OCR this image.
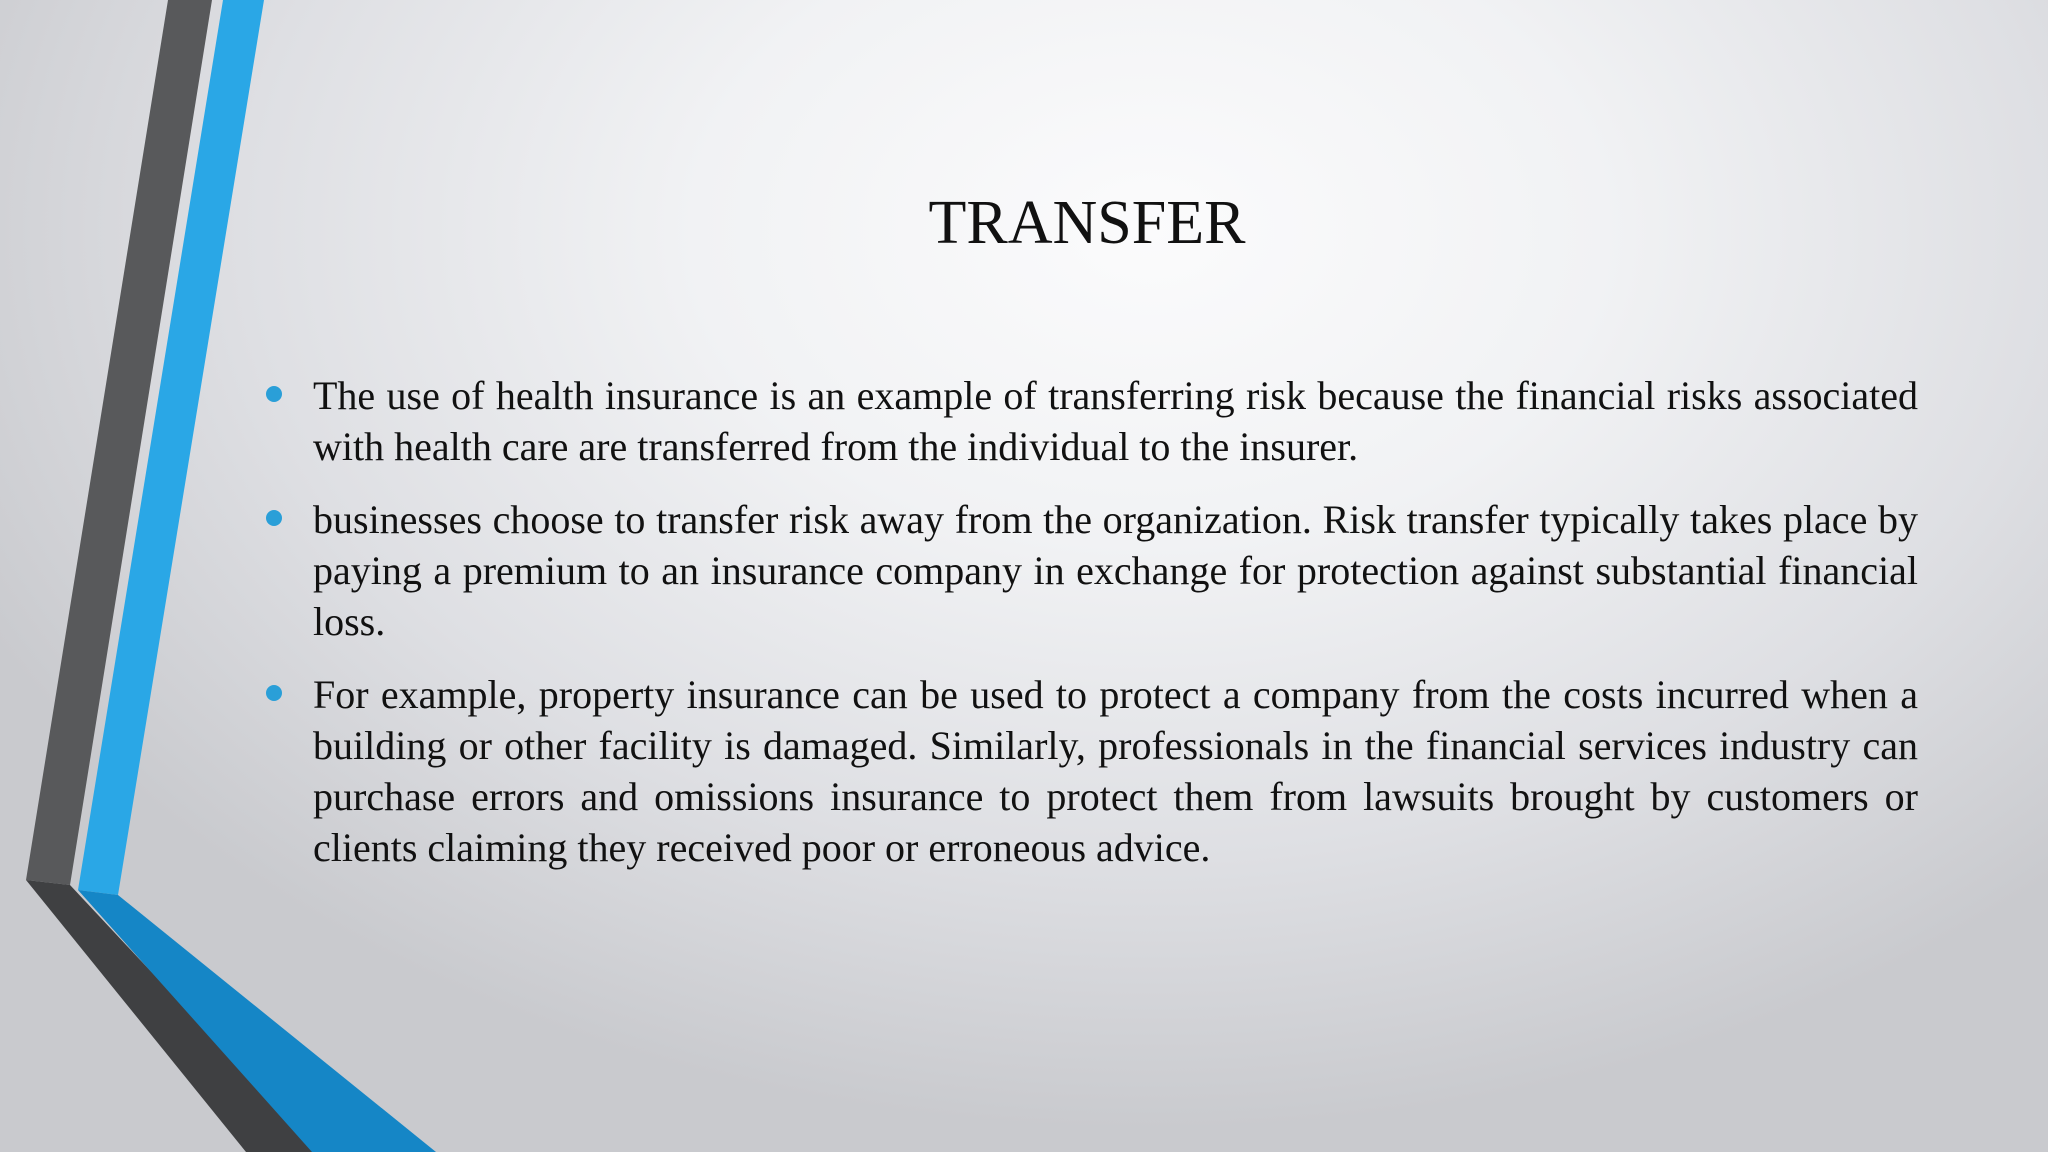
TRANSFER
The use of health insurance is an example of transferring risk because the financial risks associated with health care are transferred from the individual to the insurer.
businesses choose to transfer risk away from the organization. Risk transfer typically takes place by paying a premium to an insurance company in exchange for protection against substantial financial loss.
For example, property insurance can be used to protect a company from the costs incurred when a building or other facility is damaged. Similarly, professionals in the financial services industry can purchase errors and omissions insurance to protect them from lawsuits brought by customers or clients claiming they received poor or erroneous advice.
